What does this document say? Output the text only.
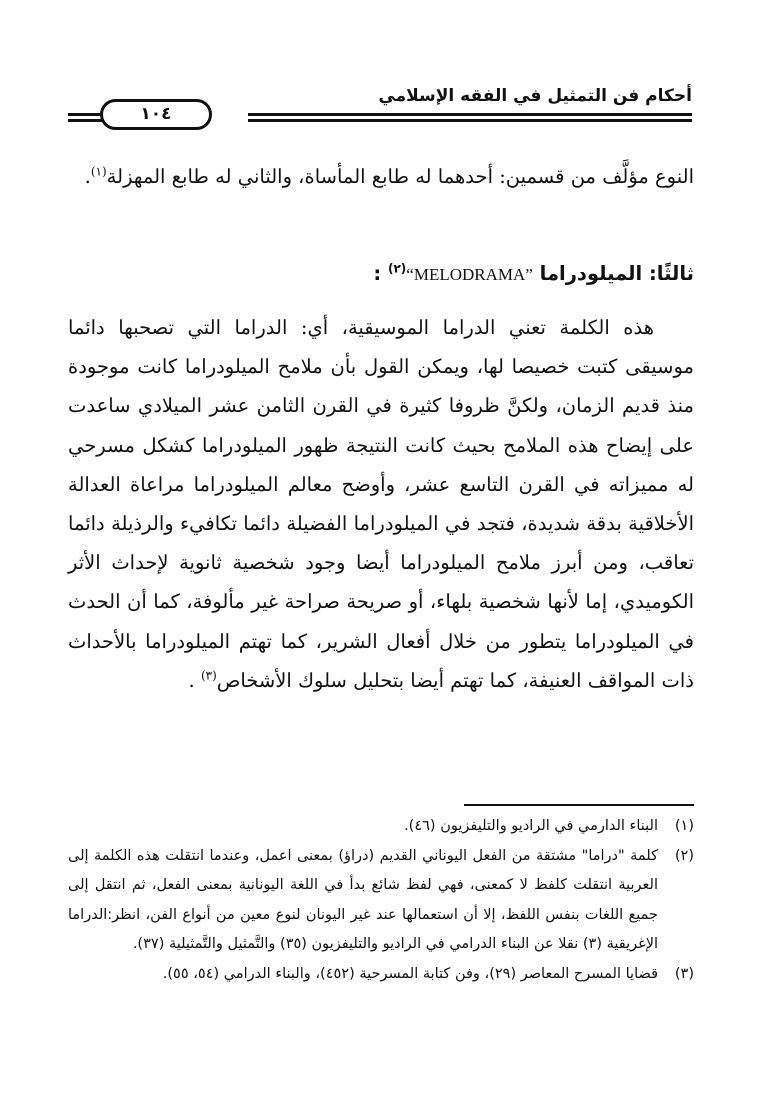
أحكام فن التمثيل في الفقه الإسلامي
١٠٤
النوع مؤلَّف من قسمين: أحدهما له طابع المأساة، والثاني له طابع المهزلة$^{(١)}$.
ثالثًا: الميلودراما “MELODRAMA”$^{(٢)}$ :

هذه الكلمة تعني الدراما الموسيقية، أي: الدراما التي تصحبها دائما موسيقى كتبت خصيصا لها، ويمكن القول بأن ملامح الميلودراما كانت موجودة منذ قديم الزمان، ولكنَّ ظروفا كثيرة في القرن الثامن عشر الميلادي ساعدت على إيضاح هذه الملامح بحيث كانت النتيجة ظهور الميلودراما كشكل مسرحي له مميزاته في القرن التاسع عشر، وأوضح معالم الميلودراما مراعاة العدالة الأخلاقية بدقة شديدة، فتجد في الميلودراما الفضيلة دائما تكافيء والرذيلة دائما تعاقب، ومن أبرز ملامح الميلودراما أيضا وجود شخصية ثانوية لإحداث الأثر الكوميدي، إما لأنها شخصية بلهاء، أو صريحة صراحة غير مألوفة، كما أن الحدث في الميلودراما يتطور من خلال أفعال الشرير، كما تهتم الميلودراما بالأحداث ذات المواقف العنيفة، كما تهتم أيضا بتحليل سلوك الأشخاص$^{(٣)}$ .

(١)
البناء الدارمي في الراديو والتليفزيون (٤٦).
(٢)
كلمة "دراما" مشتقة من الفعل اليوناني القديم (دراؤ) بمعنى اعمل، وعندما انتقلت هذه الكلمة إلى العربية انتقلت كلفظ لا كمعنى، فهي لفظ شائع بدأ في اللغة اليونانية بمعنى الفعل، ثم انتقل إلى جميع اللغات بنفس اللفظ، إلا أن استعمالها عند غير اليونان لنوع معين من أنواع الفن، انظر:الدراما الإغريقية (٣) نقلا عن البناء الدرامي في الراديو والتليفزيون (٣٥) والتَّمثيل والتَّمثيلية (٣٧).
(٣)
قضايا المسرح المعاصر (٢٩)، وفن كتابة المسرحية (٤٥٢)، والبناء الدرامي (٥٤، ٥٥).
